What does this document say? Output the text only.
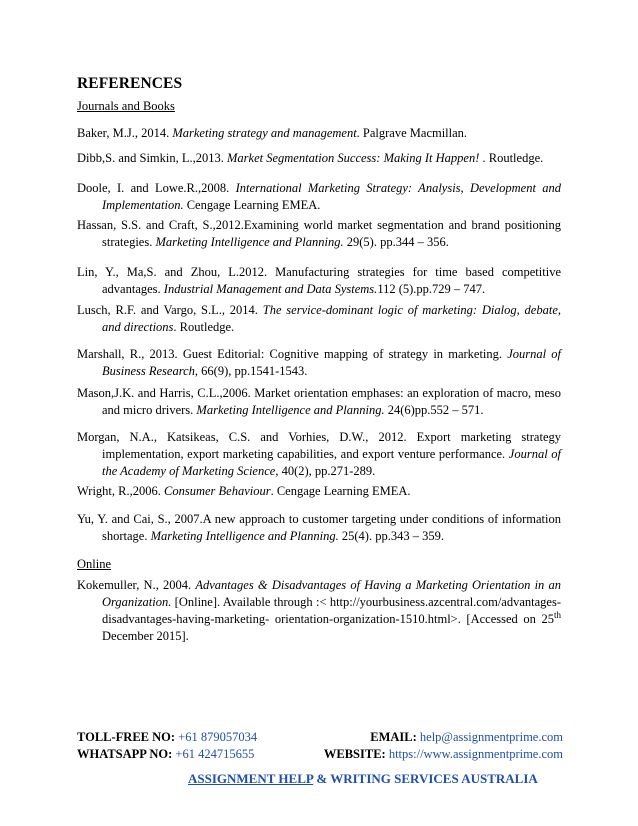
REFERENCES

Journals and Books

Baker, M.J., 2014. Marketing strategy and management. Palgrave Macmillan.

Dibb,S. and Simkin, L.,2013. Market Segmentation Success: Making It Happen! . Routledge.

Doole, I. and Lowe.R.,2008. International Marketing Strategy: Analysis, Development and Implementation. Cengage Learning EMEA.

Hassan, S.S. and Craft, S.,2012.Examining world market segmentation and brand positioning strategies. Marketing Intelligence and Planning. 29(5). pp.344 – 356.

Lin, Y., Ma,S. and Zhou, L.2012. Manufacturing strategies for time based competitive advantages. Industrial Management and Data Systems.112 (5).pp.729 – 747.

Lusch, R.F. and Vargo, S.L., 2014. The service-dominant logic of marketing: Dialog, debate, and directions. Routledge.

Marshall, R., 2013. Guest Editorial: Cognitive mapping of strategy in marketing. Journal of Business Research, 66(9), pp.1541-1543.

Mason,J.K. and Harris, C.L.,2006. Market orientation emphases: an exploration of macro, meso and micro drivers. Marketing Intelligence and Planning. 24(6)pp.552 – 571.

Morgan, N.A., Katsikeas, C.S. and Vorhies, D.W., 2012. Export marketing strategy implementation, export marketing capabilities, and export venture performance. Journal of the Academy of Marketing Science, 40(2), pp.271-289.

Wright, R.,2006. Consumer Behaviour. Cengage Learning EMEA.

Yu, Y. and Cai, S., 2007.A new approach to customer targeting under conditions of information shortage. Marketing Intelligence and Planning. 25(4). pp.343 – 359.

Online

Kokemuller, N., 2004. Advantages & Disadvantages of Having a Marketing Orientation in an Organization. [Online]. Available through :< http://yourbusiness.azcentral.com/advantages-disadvantages-having-marketing- orientation-organization-1510.html>. [Accessed on 25th December 2015].

TOLL-FREE NO: +61 879057034	EMAIL: help@assignmentprime.com
WHATSAPP NO: +61 424715655	WEBSITE: https://www.assignmentprime.com
ASSIGNMENT HELP & WRITING SERVICES AUSTRALIA
